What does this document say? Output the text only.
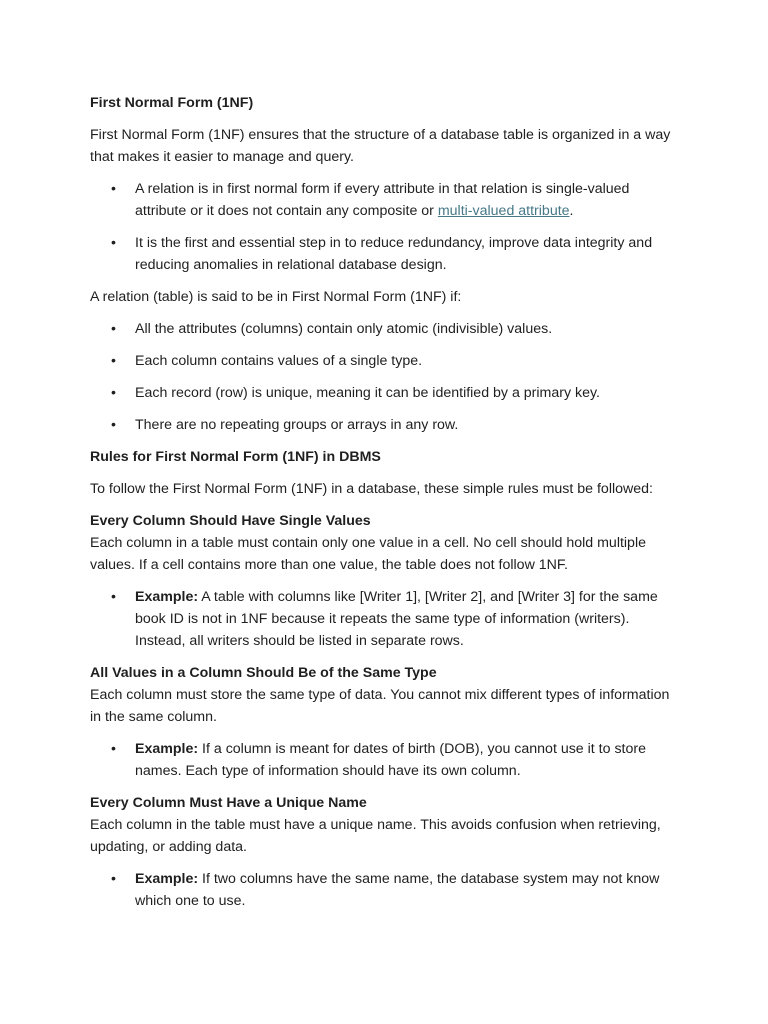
First Normal Form (1NF)

First Normal Form (1NF) ensures that the structure of a database table is organized in a way that makes it easier to manage and query.

• A relation is in first normal form if every attribute in that relation is single-valued attribute or it does not contain any composite or multi-valued attribute.
• It is the first and essential step in to reduce redundancy, improve data integrity and reducing anomalies in relational database design.

A relation (table) is said to be in First Normal Form (1NF) if:

• All the attributes (columns) contain only atomic (indivisible) values.
• Each column contains values of a single type.
• Each record (row) is unique, meaning it can be identified by a primary key.
• There are no repeating groups or arrays in any row.

Rules for First Normal Form (1NF) in DBMS

To follow the First Normal Form (1NF) in a database, these simple rules must be followed:

Every Column Should Have Single Values

Each column in a table must contain only one value in a cell. No cell should hold multiple values. If a cell contains more than one value, the table does not follow 1NF.

• Example: A table with columns like [Writer 1], [Writer 2], and [Writer 3] for the same book ID is not in 1NF because it repeats the same type of information (writers). Instead, all writers should be listed in separate rows.

All Values in a Column Should Be of the Same Type

Each column must store the same type of data. You cannot mix different types of information in the same column.

• Example: If a column is meant for dates of birth (DOB), you cannot use it to store names. Each type of information should have its own column.

Every Column Must Have a Unique Name

Each column in the table must have a unique name. This avoids confusion when retrieving, updating, or adding data.

• Example: If two columns have the same name, the database system may not know which one to use.
